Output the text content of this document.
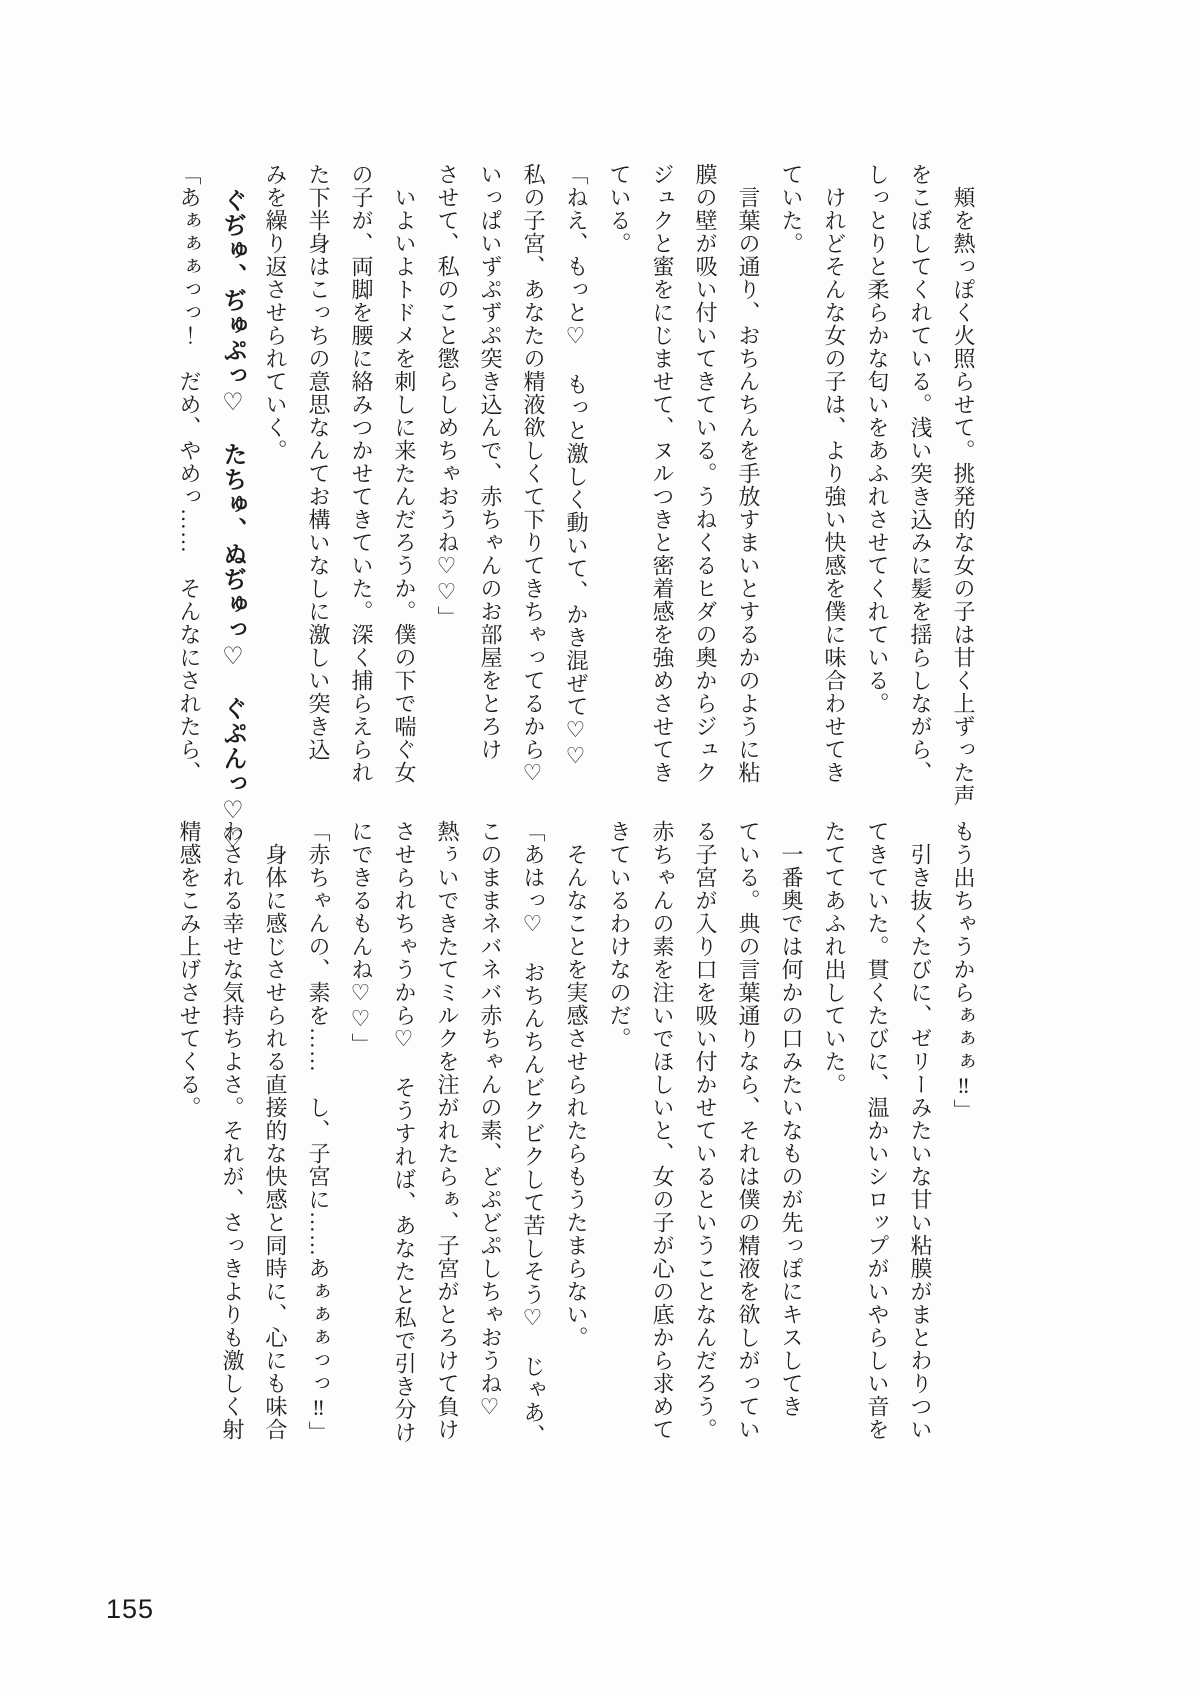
　頬を熱っぽく火照らせて。挑発的な女の子は甘く上ずった声
をこぼしてくれている。浅い突き込みに髪を揺らしながら、
しっとりと柔らかな匂いをあふれさせてくれている。
　けれどそんな女の子は、より強い快感を僕に味合わせてき
ていた。
　言葉の通り、おちんちんを手放すまいとするかのように粘
膜の壁が吸い付いてきている。うねくるヒダの奥からジュク
ジュクと蜜をにじませて、ヌルつきと密着感を強めさせてき
ている。
「ねえ、もっと♡　もっと激しく動いて、かき混ぜて♡♡
私の子宮、あなたの精液欲しくて下りてきちゃってるから♡
いっぱいずぷずぷ突き込んで、赤ちゃんのお部屋をとろけ
させて、私のこと懲らしめちゃおうね♡♡」
　いよいよトドメを刺しに来たんだろうか。僕の下で喘ぐ女
の子が、両脚を腰に絡みつかせてきていた。深く捕らえられ
た下半身はこっちの意思なんてお構いなしに激しい突き込
みを繰り返させられていく。
　ぐぢゅ、ぢゅぷっ♡　たちゅ、ぬぢゅっ♡　ぐぷんっ♡♡
「あぁぁぁっっ！　だめ、やめっ……　そんなにされたら、
もう出ちゃうからぁぁぁ‼」
　引き抜くたびに、ゼリーみたいな甘い粘膜がまとわりつい
てきていた。貫くたびに、温かいシロップがいやらしい音を
たててあふれ出していた。
　一番奥では何かの口みたいなものが先っぽにキスしてき
ている。典の言葉通りなら、それは僕の精液を欲しがってい
る子宮が入り口を吸い付かせているということなんだろう。
赤ちゃんの素を注いでほしいと、女の子が心の底から求めて
きているわけなのだ。
　そんなことを実感させられたらもうたまらない。
「あはっ♡　おちんちんビクビクして苦しそう♡　じゃあ、
このままネバネバ赤ちゃんの素、どぷどぷしちゃおうね♡
熱ぅいできたてミルクを注がれたらぁ、子宮がとろけて負け
させられちゃうから♡　そうすれば、あなたと私で引き分け
にできるもんね♡♡」
「赤ちゃんの、素を……　し、子宮に……あぁぁぁっっ‼」
　身体に感じさせられる直接的な快感と同時に、心にも味合
わされる幸せな気持ちよさ。それが、さっきよりも激しく射
精感をこみ上げさせてくる。
155
